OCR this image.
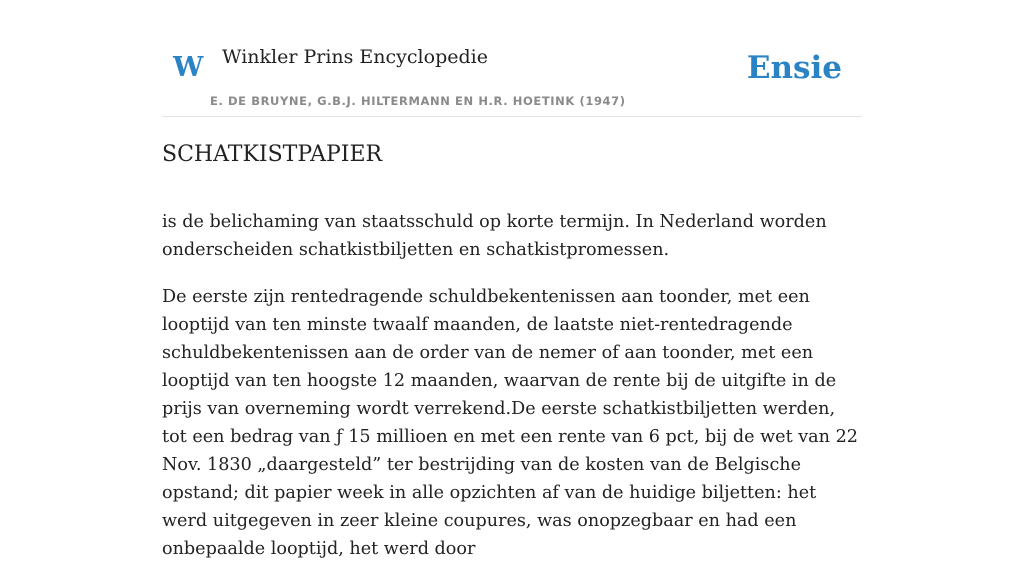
W Winkler Prins Encyclopedie
E. DE BRUYNE, G.B.J. HILTERMANN EN H.R. HOETINK (1947)
Ensie
SCHATKISTPAPIER

is de belichaming van staatsschuld op korte termijn. In Nederland worden onderscheiden schatkistbiljetten en schatkistpromessen.

De eerste zijn rentedragende schuldbekentenissen aan toonder, met een looptijd van ten minste twaalf maanden, de laatste niet-rentedragende schuldbekentenissen aan de order van de nemer of aan toonder, met een looptijd van ten hoogste 12 maanden, waarvan de rente bij de uitgifte in de prijs van overneming wordt verrekend.De eerste schatkistbiljetten werden, tot een bedrag van ƒ 15 millioen en met een rente van 6 pct, bij de wet van 22 Nov. 1830 „daargesteld” ter bestrijding van de kosten van de Belgische opstand; dit papier week in alle opzichten af van de huidige biljetten: het werd uitgegeven in zeer kleine coupures, was onopzegbaar en had een onbepaalde looptijd, het werd door
